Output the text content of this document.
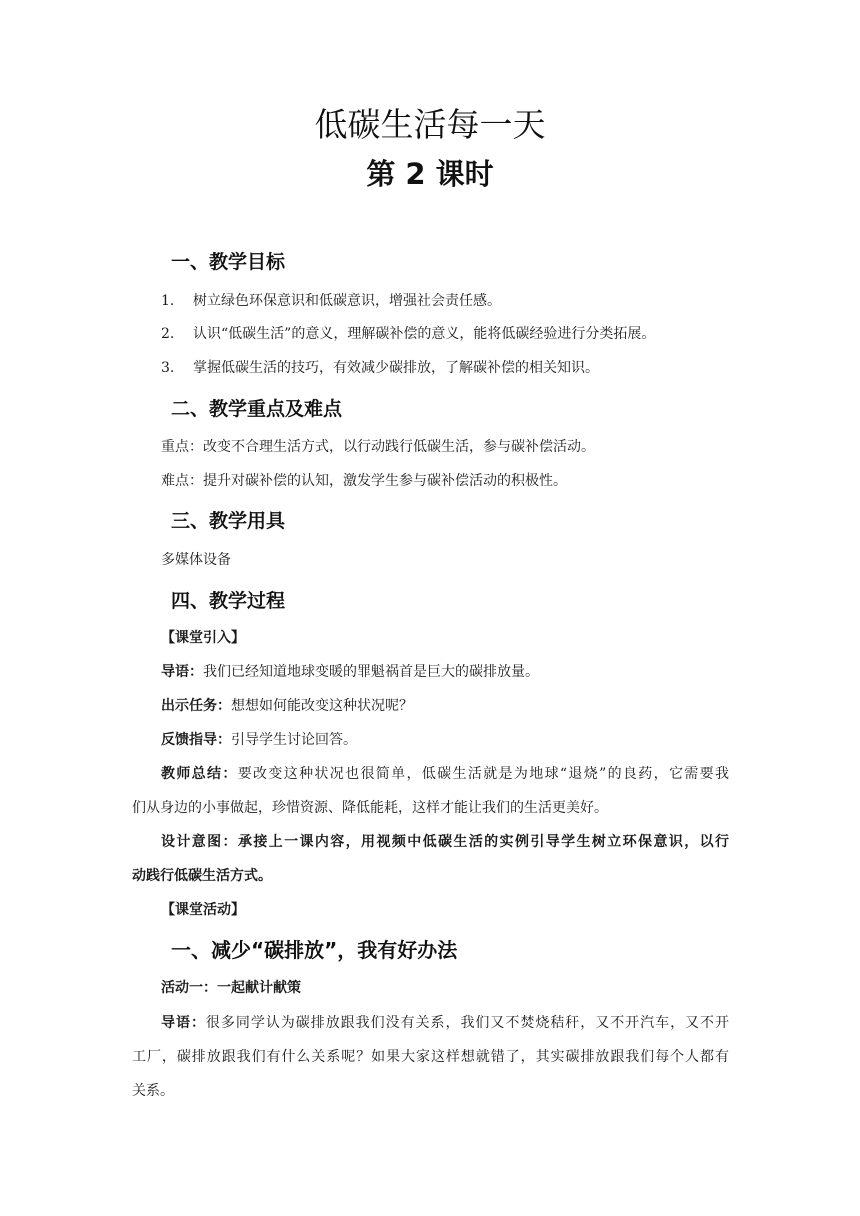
低碳生活每一天
第 2 课时
一、教学目标
1. 树立绿色环保意识和低碳意识，增强社会责任感。
2. 认识“低碳生活”的意义，理解碳补偿的意义，能将低碳经验进行分类拓展。
3. 掌握低碳生活的技巧，有效减少碳排放，了解碳补偿的相关知识。
二、教学重点及难点
重点：改变不合理生活方式，以行动践行低碳生活，参与碳补偿活动。
难点：提升对碳补偿的认知，激发学生参与碳补偿活动的积极性。
三、教学用具
多媒体设备
四、教学过程
【课堂引入】
导语：我们已经知道地球变暖的罪魁祸首是巨大的碳排放量。
出示任务：想想如何能改变这种状况呢？
反馈指导：引导学生讨论回答。
教师总结：要改变这种状况也很简单，低碳生活就是为地球“退烧”的良药，它需要我
们从身边的小事做起，珍惜资源、降低能耗，这样才能让我们的生活更美好。
设计意图：承接上一课内容，用视频中低碳生活的实例引导学生树立环保意识，以行
动践行低碳生活方式。
【课堂活动】
一、减少“碳排放”，我有好办法
活动一：一起献计献策
导语：很多同学认为碳排放跟我们没有关系，我们又不焚烧秸秆，又不开汽车，又不开
工厂，碳排放跟我们有什么关系呢？如果大家这样想就错了，其实碳排放跟我们每个人都有
关系。
